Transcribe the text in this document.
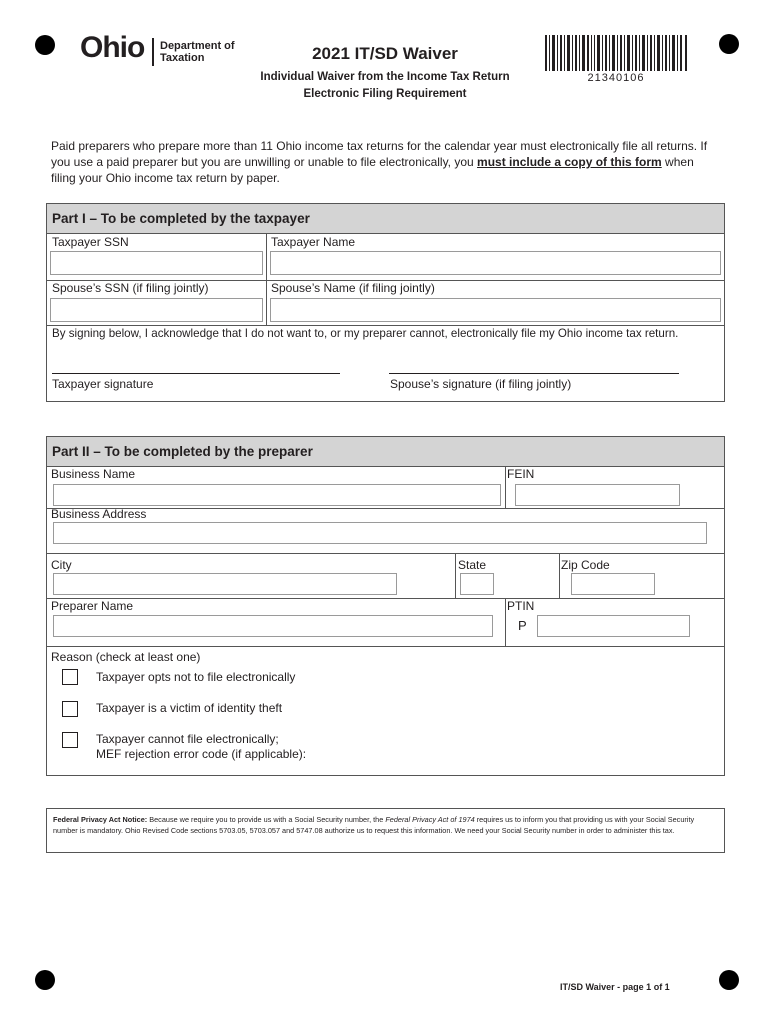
Ohio Department of Taxation	2021 IT/SD Waiver
Individual Waiver from the Income Tax Return Electronic Filing Requirement
21340106
Paid preparers who prepare more than 11 Ohio income tax returns for the calendar year must electronically file all returns. If you use a paid preparer but you are unwilling or unable to file electronically, you must include a copy of this form when filing your Ohio income tax return by paper.
Part I – To be completed by the taxpayer
Taxpayer SSN	Taxpayer Name
Spouse’s SSN (if filing jointly)	Spouse’s Name (if filing jointly)
By signing below, I acknowledge that I do not want to, or my preparer cannot, electronically file my Ohio income tax return.
Taxpayer signature	Spouse’s signature (if filing jointly)
Part II – To be completed by the preparer
Business Name	FEIN
Business Address
City	State	Zip Code
Preparer Name	PTIN
P
Reason (check at least one)
Taxpayer opts not to file electronically
Taxpayer is a victim of identity theft
Taxpayer cannot file electronically;
MEF rejection error code (if applicable):
Federal Privacy Act Notice: Because we require you to provide us with a Social Security number, the Federal Privacy Act of 1974 requires us to inform you that providing us with your Social Security number is mandatory. Ohio Revised Code sections 5703.05, 5703.057 and 5747.08 authorize us to request this information. We need your Social Security number in order to administer this tax.
IT/SD Waiver - page 1 of 1
